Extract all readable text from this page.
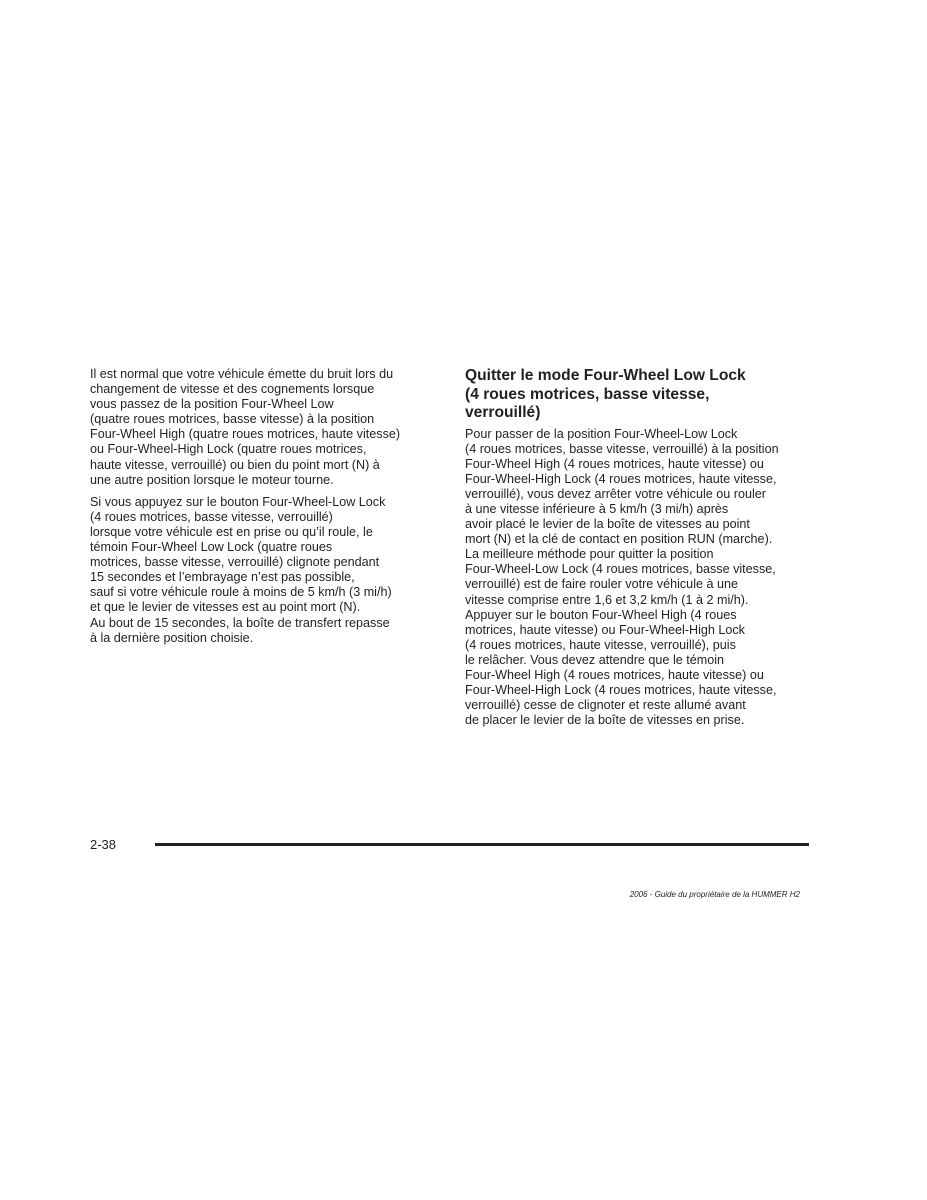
Il est normal que votre véhicule émette du bruit lors du
changement de vitesse et des cognements lorsque
vous passez de la position Four-Wheel Low
(quatre roues motrices, basse vitesse) à la position
Four-Wheel High (quatre roues motrices, haute vitesse)
ou Four-Wheel-High Lock (quatre roues motrices,
haute vitesse, verrouillé) ou bien du point mort (N) à
une autre position lorsque le moteur tourne.

Si vous appuyez sur le bouton Four-Wheel-Low Lock
(4 roues motrices, basse vitesse, verrouillé)
lorsque votre véhicule est en prise ou qu’il roule, le
témoin Four-Wheel Low Lock (quatre roues
motrices, basse vitesse, verrouillé) clignote pendant
15 secondes et l’embrayage n’est pas possible,
sauf si votre véhicule roule à moins de 5 km/h (3 mi/h)
et que le levier de vitesses est au point mort (N).
Au bout de 15 secondes, la boîte de transfert repasse
à la dernière position choisie.

Quitter le mode Four-Wheel Low Lock
(4 roues motrices, basse vitesse,
verrouillé)

Pour passer de la position Four-Wheel-Low Lock
(4 roues motrices, basse vitesse, verrouillé) à la position
Four-Wheel High (4 roues motrices, haute vitesse) ou
Four-Wheel-High Lock (4 roues motrices, haute vitesse,
verrouillé), vous devez arrêter votre véhicule ou rouler
à une vitesse inférieure à 5 km/h (3 mi/h) après
avoir placé le levier de la boîte de vitesses au point
mort (N) et la clé de contact en position RUN (marche).
La meilleure méthode pour quitter la position
Four-Wheel-Low Lock (4 roues motrices, basse vitesse,
verrouillé) est de faire rouler votre véhicule à une
vitesse comprise entre 1,6 et 3,2 km/h (1 à 2 mi/h).
Appuyer sur le bouton Four-Wheel High (4 roues
motrices, haute vitesse) ou Four-Wheel-High Lock
(4 roues motrices, haute vitesse, verrouillé), puis
le relâcher. Vous devez attendre que le témoin
Four-Wheel High (4 roues motrices, haute vitesse) ou
Four-Wheel-High Lock (4 roues motrices, haute vitesse,
verrouillé) cesse de clignoter et reste allumé avant
de placer le levier de la boîte de vitesses en prise.

2-38
2006 - Guide du propriétaire de la HUMMER H2
